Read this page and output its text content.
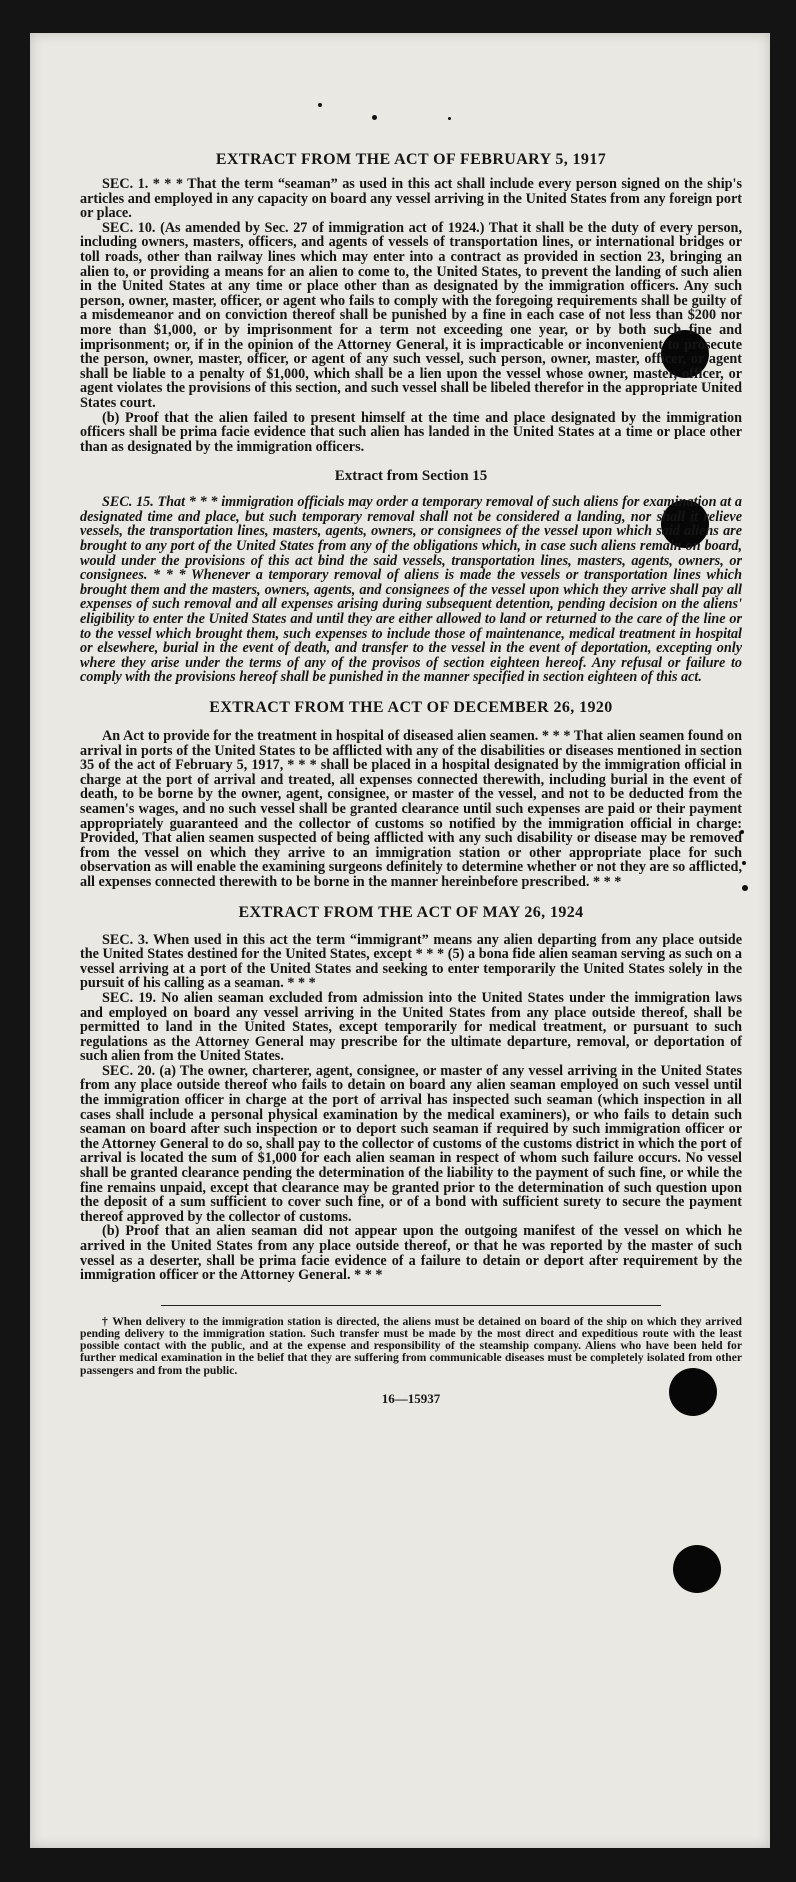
EXTRACT FROM THE ACT OF FEBRUARY 5, 1917

SEC. 1. * * * That the term “seaman” as used in this act shall include every person signed on the ship's articles and employed in any capacity on board any vessel arriving in the United States from any foreign port or place.

SEC. 10. (As amended by Sec. 27 of immigration act of 1924.) That it shall be the duty of every person, including owners, masters, officers, and agents of vessels of transportation lines, or international bridges or toll roads, other than railway lines which may enter into a contract as provided in section 23, bringing an alien to, or providing a means for an alien to come to, the United States, to prevent the landing of such alien in the United States at any time or place other than as designated by the immigration officers. Any such person, owner, master, officer, or agent who fails to comply with the foregoing requirements shall be guilty of a misdemeanor and on conviction thereof shall be punished by a fine in each case of not less than $200 nor more than $1,000, or by imprisonment for a term not exceeding one year, or by both such fine and imprisonment; or, if in the opinion of the Attorney General, it is impracticable or inconvenient to prosecute the person, owner, master, officer, or agent of any such vessel, such person, owner, master, officer, or agent shall be liable to a penalty of $1,000, which shall be a lien upon the vessel whose owner, master, officer, or agent violates the provisions of this section, and such vessel shall be libeled therefor in the appropriate United States court.

(b) Proof that the alien failed to present himself at the time and place designated by the immigration officers shall be prima facie evidence that such alien has landed in the United States at a time or place other than as designated by the immigration officers.

Extract from Section 15

SEC. 15. That * * * immigration officials may order a temporary removal of such aliens for examination at a designated time and place, but such temporary removal shall not be considered a landing, nor shall it relieve vessels, the transportation lines, masters, agents, owners, or consignees of the vessel upon which said aliens are brought to any port of the United States from any of the obligations which, in case such aliens remain on board, would under the provisions of this act bind the said vessels, transportation lines, masters, agents, owners, or consignees. * * * Whenever a temporary removal of aliens is made the vessels or transportation lines which brought them and the masters, owners, agents, and consignees of the vessel upon which they arrive shall pay all expenses of such removal and all expenses arising during subsequent detention, pending decision on the aliens' eligibility to enter the United States and until they are either allowed to land or returned to the care of the line or to the vessel which brought them, such expenses to include those of maintenance, medical treatment in hospital or elsewhere, burial in the event of death, and transfer to the vessel in the event of deportation, excepting only where they arise under the terms of any of the provisos of section eighteen hereof. Any refusal or failure to comply with the provisions hereof shall be punished in the manner specified in section eighteen of this act.

EXTRACT FROM THE ACT OF DECEMBER 26, 1920

An Act to provide for the treatment in hospital of diseased alien seamen. * * * That alien seamen found on arrival in ports of the United States to be afflicted with any of the disabilities or diseases mentioned in section 35 of the act of February 5, 1917, * * * shall be placed in a hospital designated by the immigration official in charge at the port of arrival and treated, all expenses connected therewith, including burial in the event of death, to be borne by the owner, agent, consignee, or master of the vessel, and not to be deducted from the seamen's wages, and no such vessel shall be granted clearance until such expenses are paid or their payment appropriately guaranteed and the collector of customs so notified by the immigration official in charge: Provided, That alien seamen suspected of being afflicted with any such disability or disease may be removed from the vessel on which they arrive to an immigration station or other appropriate place for such observation as will enable the examining surgeons definitely to determine whether or not they are so afflicted, all expenses connected therewith to be borne in the manner hereinbefore prescribed. * * *

EXTRACT FROM THE ACT OF MAY 26, 1924

SEC. 3. When used in this act the term “immigrant” means any alien departing from any place outside the United States destined for the United States, except * * * (5) a bona fide alien seaman serving as such on a vessel arriving at a port of the United States and seeking to enter temporarily the United States solely in the pursuit of his calling as a seaman. * * *

SEC. 19. No alien seaman excluded from admission into the United States under the immigration laws and employed on board any vessel arriving in the United States from any place outside thereof, shall be permitted to land in the United States, except temporarily for medical treatment, or pursuant to such regulations as the Attorney General may prescribe for the ultimate departure, removal, or deportation of such alien from the United States.

SEC. 20. (a) The owner, charterer, agent, consignee, or master of any vessel arriving in the United States from any place outside thereof who fails to detain on board any alien seaman employed on such vessel until the immigration officer in charge at the port of arrival has inspected such seaman (which inspection in all cases shall include a personal physical examination by the medical examiners), or who fails to detain such seaman on board after such inspection or to deport such seaman if required by such immigration officer or the Attorney General to do so, shall pay to the collector of customs of the customs district in which the port of arrival is located the sum of $1,000 for each alien seaman in respect of whom such failure occurs. No vessel shall be granted clearance pending the determination of the liability to the payment of such fine, or while the fine remains unpaid, except that clearance may be granted prior to the determination of such question upon the deposit of a sum sufficient to cover such fine, or of a bond with sufficient surety to secure the payment thereof approved by the collector of customs.

(b) Proof that an alien seaman did not appear upon the outgoing manifest of the vessel on which he arrived in the United States from any place outside thereof, or that he was reported by the master of such vessel as a deserter, shall be prima facie evidence of a failure to detain or deport after requirement by the immigration officer or the Attorney General. * * *

† When delivery to the immigration station is directed, the aliens must be detained on board of the ship on which they arrived pending delivery to the immigration station. Such transfer must be made by the most direct and expeditious route with the least possible contact with the public, and at the expense and responsibility of the steamship company. Aliens who have been held for further medical examination in the belief that they are suffering from communicable diseases must be completely isolated from other passengers and from the public.

16—15937
